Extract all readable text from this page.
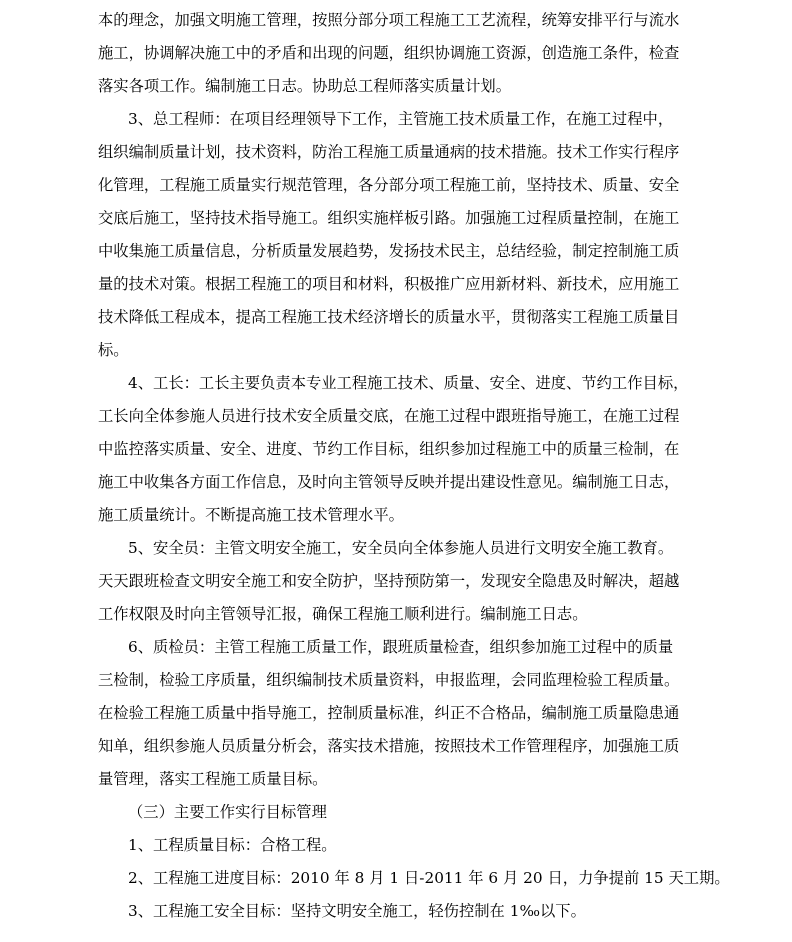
本的理念，加强文明施工管理，按照分部分项工程施工工艺流程，统筹安排平行与流水
施工，协调解决施工中的矛盾和出现的问题，组织协调施工资源，创造施工条件，检查
落实各项工作。编制施工日志。协助总工程师落实质量计划。
3、总工程师：在项目经理领导下工作，主管施工技术质量工作，在施工过程中，
组织编制质量计划，技术资料，防治工程施工质量通病的技术措施。技术工作实行程序
化管理，工程施工质量实行规范管理，各分部分项工程施工前，坚持技术、质量、安全
交底后施工，坚持技术指导施工。组织实施样板引路。加强施工过程质量控制，在施工
中收集施工质量信息，分析质量发展趋势，发扬技术民主，总结经验，制定控制施工质
量的技术对策。根据工程施工的项目和材料，积极推广应用新材料、新技术，应用施工
技术降低工程成本，提高工程施工技术经济增长的质量水平，贯彻落实工程施工质量目
标。
4、工长：工长主要负责本专业工程施工技术、质量、安全、进度、节约工作目标，
工长向全体参施人员进行技术安全质量交底，在施工过程中跟班指导施工，在施工过程
中监控落实质量、安全、进度、节约工作目标，组织参加过程施工中的质量三检制，在
施工中收集各方面工作信息，及时向主管领导反映并提出建设性意见。编制施工日志，
施工质量统计。不断提高施工技术管理水平。
5、安全员：主管文明安全施工，安全员向全体参施人员进行文明安全施工教育。
天天跟班检查文明安全施工和安全防护，坚持预防第一，发现安全隐患及时解决，超越
工作权限及时向主管领导汇报，确保工程施工顺利进行。编制施工日志。
6、质检员：主管工程施工质量工作，跟班质量检查，组织参加施工过程中的质量
三检制，检验工序质量，组织编制技术质量资料，申报监理，会同监理检验工程质量。
在检验工程施工质量中指导施工，控制质量标准，纠正不合格品，编制施工质量隐患通
知单，组织参施人员质量分析会，落实技术措施，按照技术工作管理程序，加强施工质
量管理，落实工程施工质量目标。
（三）主要工作实行目标管理
1、工程质量目标：合格工程。
2、工程施工进度目标：2010 年 8 月 1 日-2011 年 6 月 20 日，力争提前 15 天工期。
3、工程施工安全目标：坚持文明安全施工，轻伤控制在 1‰以下。
